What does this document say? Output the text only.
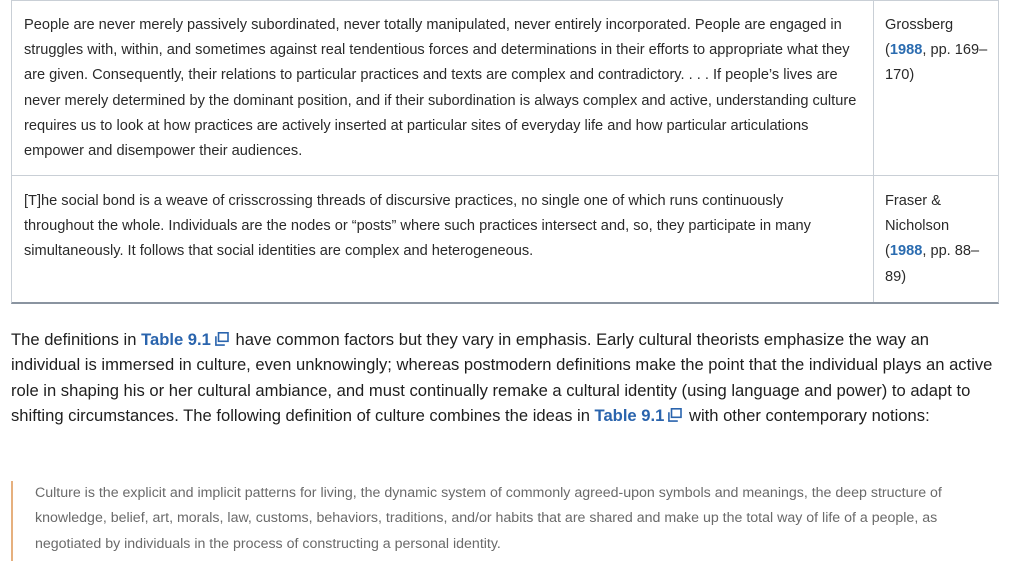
People are never merely passively subordinated, never totally manipulated, never entirely incorporated. People are engaged in struggles with, within, and sometimes against real tendentious forces and determinations in their efforts to appropriate what they are given. Consequently, their relations to particular practices and texts are complex and contradictory. . . . If people’s lives are never merely determined by the dominant position, and if their subordination is always complex and active, understanding culture requires us to look at how practices are actively inserted at particular sites of everyday life and how particular articulations empower and disempower their audiences.
Grossberg
(1988, pp. 169–170)
[T]he social bond is a weave of crisscrossing threads of discursive practices, no single one of which runs continuously throughout the whole. Individuals are the nodes or “posts” where such practices intersect and, so, they participate in many simultaneously. It follows that social identities are complex and heterogeneous.
Fraser & Nicholson
(1988, pp. 88–89)
The definitions in Table 9.1 have common factors but they vary in emphasis. Early cultural theorists emphasize the way an individual is immersed in culture, even unknowingly; whereas postmodern definitions make the point that the individual plays an active role in shaping his or her cultural ambiance, and must continually remake a cultural identity (using language and power) to adapt to shifting circumstances. The following definition of culture combines the ideas in Table 9.1 with other contemporary notions:
Culture is the explicit and implicit patterns for living, the dynamic system of commonly agreed-upon symbols and meanings, the deep structure of knowledge, belief, art, morals, law, customs, behaviors, traditions, and/or habits that are shared and make up the total way of life of a people, as negotiated by individuals in the process of constructing a personal identity.
